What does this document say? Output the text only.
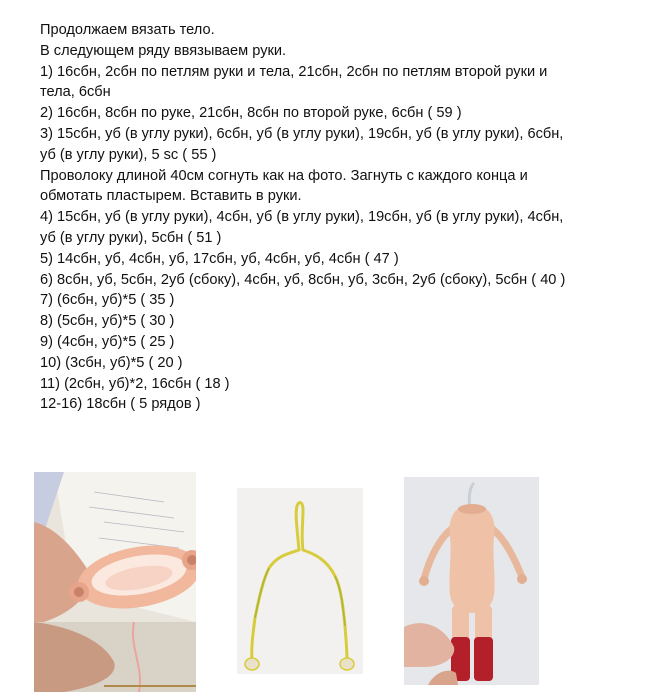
Продолжаем вязать тело.
В следующем ряду ввязываем руки.
1) 16сбн, 2сбн по петлям руки и тела, 21сбн, 2сбн по петлям второй руки и
тела, 6сбн
2) 16сбн, 8сбн по руке, 21сбн, 8сбн по второй руке, 6сбн ( 59 )
3) 15сбн, уб (в углу руки), 6сбн, уб (в углу руки), 19сбн, уб (в углу руки), 6сбн,
уб (в углу руки), 5 sc ( 55 )
Проволоку длиной 40см согнуть как на фото. Загнуть с каждого конца и
обмотать пластырем. Вставить в руки.
4) 15сбн, уб (в углу руки), 4сбн, уб (в углу руки), 19сбн, уб (в углу руки), 4сбн,
уб (в углу руки), 5сбн ( 51 )
5) 14сбн, уб, 4сбн, уб, 17сбн, уб, 4сбн, уб, 4сбн ( 47 )
6) 8сбн, уб, 5сбн, 2уб (сбоку), 4сбн, уб, 8сбн, уб, 3сбн, 2уб (сбоку), 5сбн ( 40 )
7) (6сбн, уб)*5 ( 35 )
8) (5сбн, уб)*5 ( 30 )
9) (4сбн, уб)*5 ( 25 )
10) (3сбн, уб)*5 ( 20 )
11) (2сбн, уб)*2, 16сбн ( 18 )
12-16) 18сбн ( 5 рядов )
